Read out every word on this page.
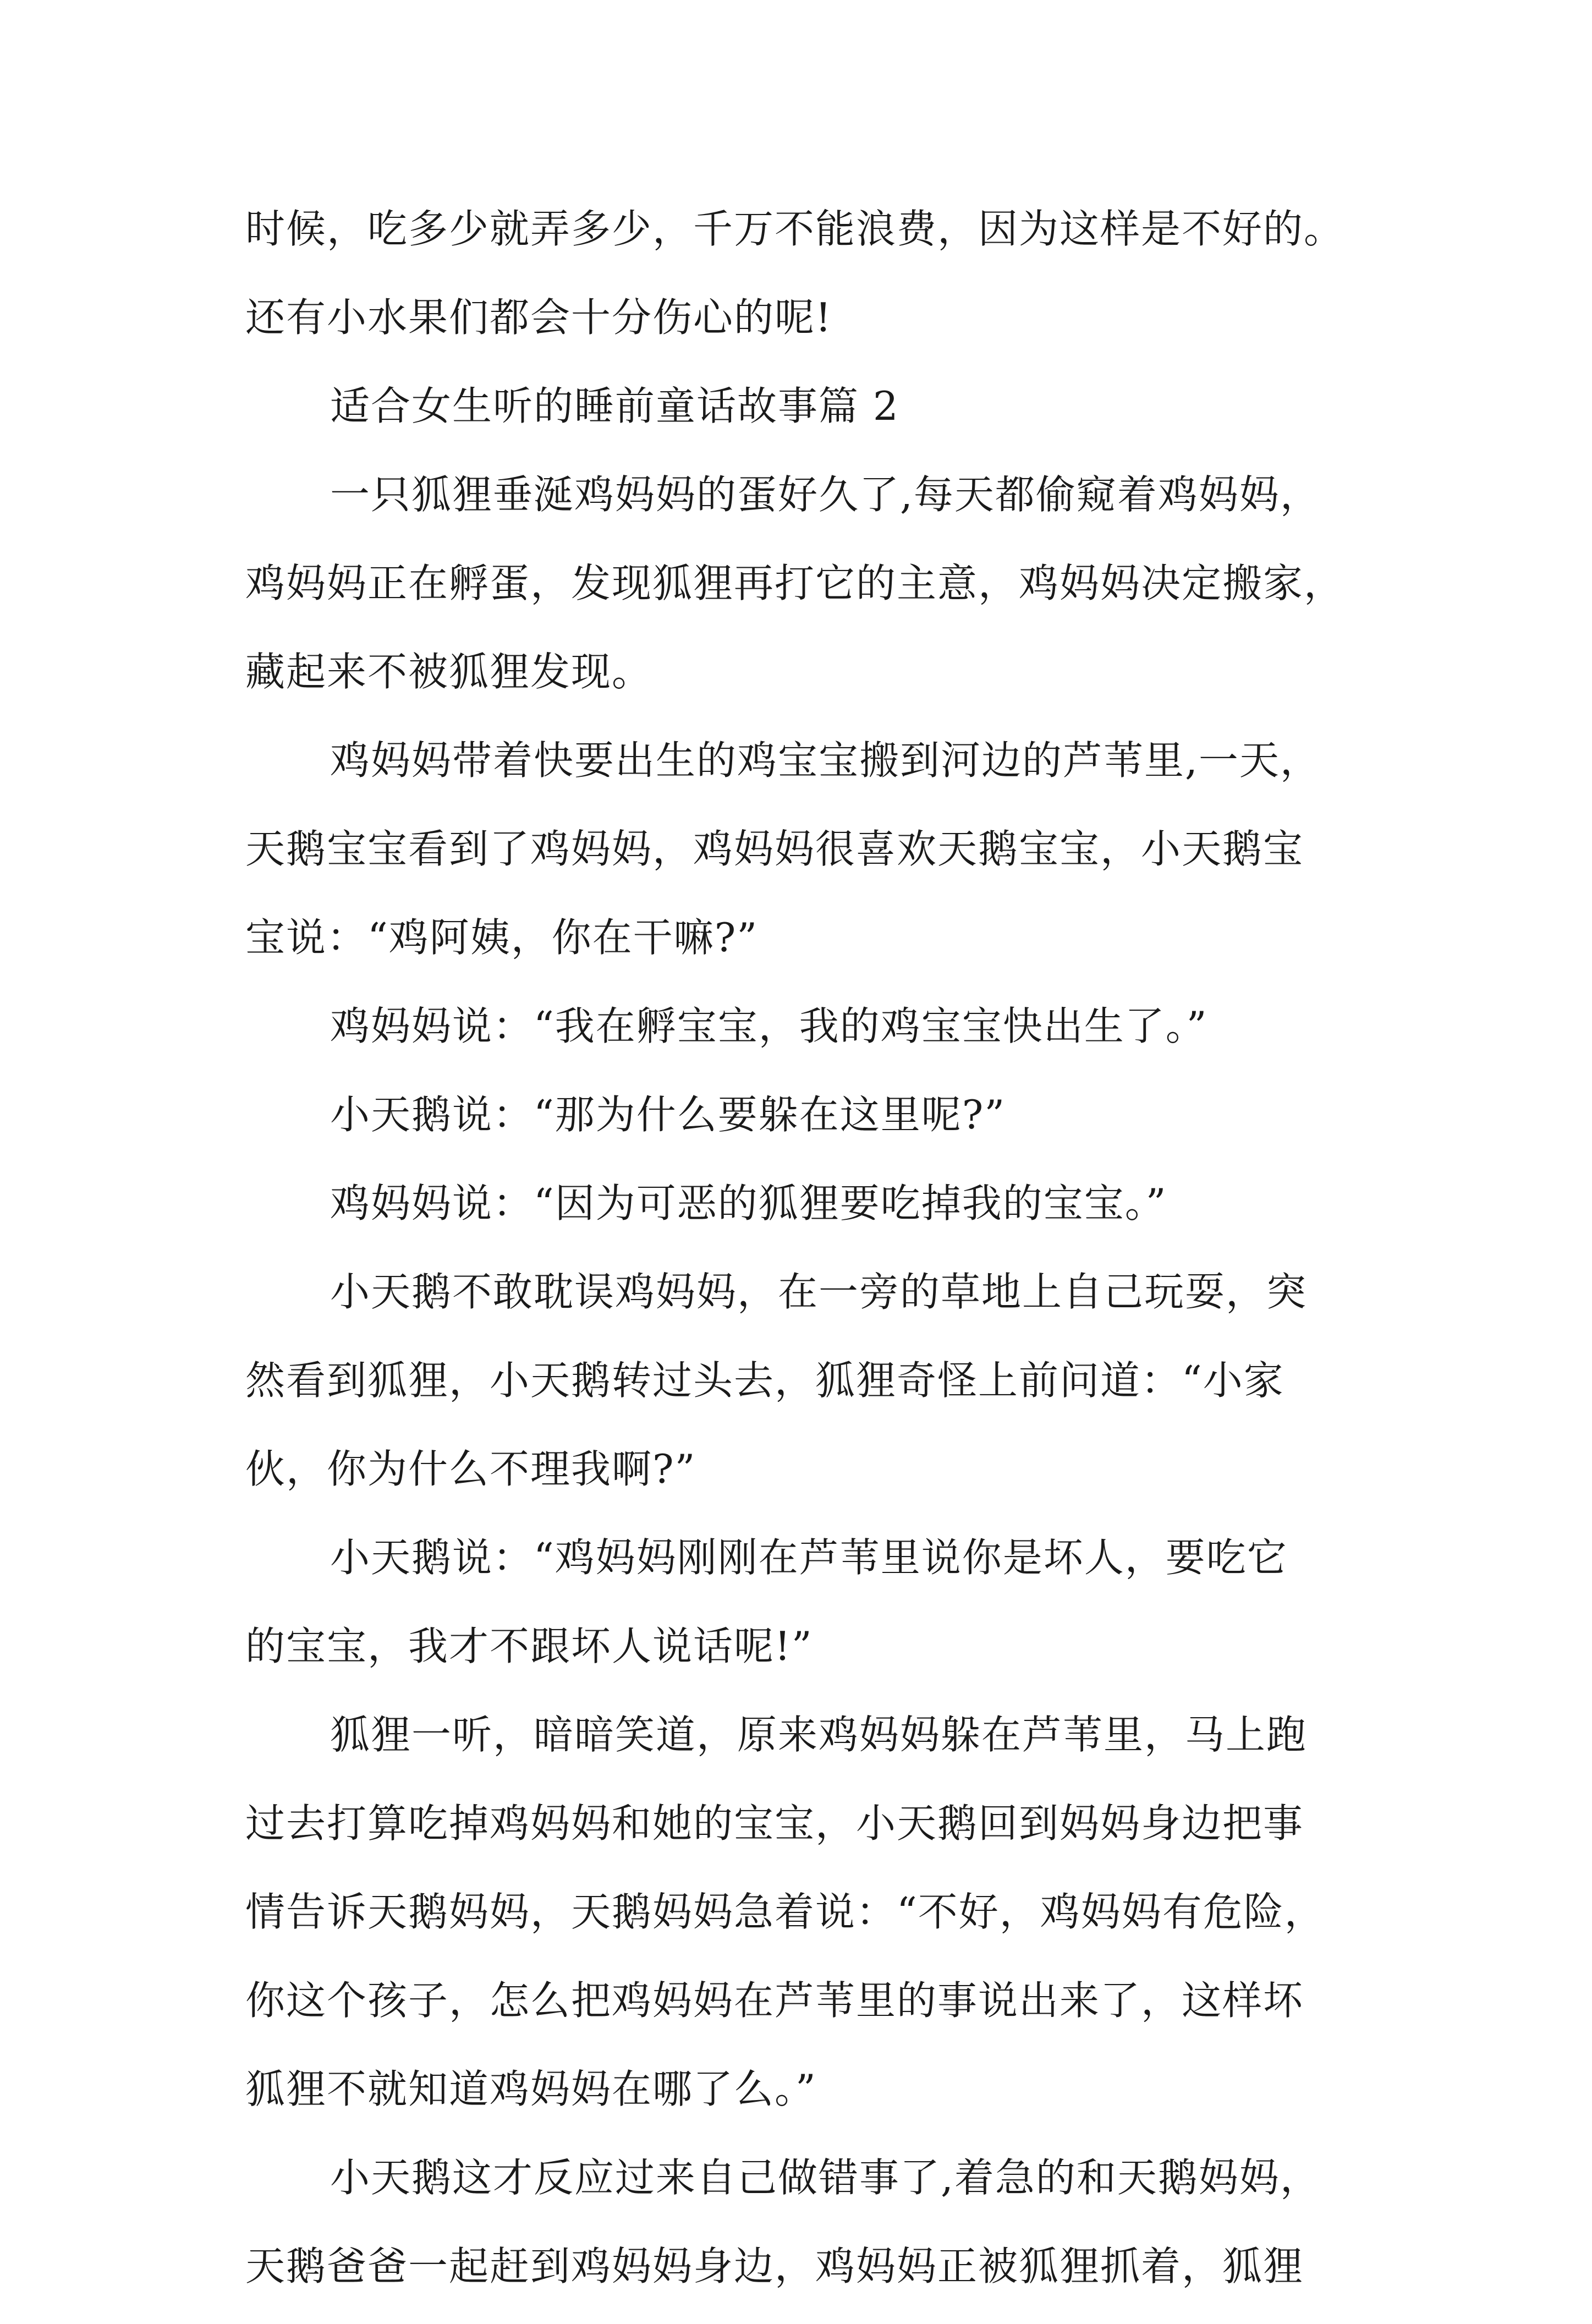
时候，吃多少就弄多少，千万不能浪费，因为这样是不好的。
还有小水果们都会十分伤心的呢!
适合女生听的睡前童话故事篇 2
一只狐狸垂涎鸡妈妈的蛋好久了,每天都偷窥着鸡妈妈，
鸡妈妈正在孵蛋，发现狐狸再打它的主意，鸡妈妈决定搬家，
藏起来不被狐狸发现。
鸡妈妈带着快要出生的鸡宝宝搬到河边的芦苇里,一天，
天鹅宝宝看到了鸡妈妈，鸡妈妈很喜欢天鹅宝宝，小天鹅宝
宝说：“鸡阿姨，你在干嘛?”
鸡妈妈说：“我在孵宝宝，我的鸡宝宝快出生了。”
小天鹅说：“那为什么要躲在这里呢?”
鸡妈妈说：“因为可恶的狐狸要吃掉我的宝宝。”
小天鹅不敢耽误鸡妈妈，在一旁的草地上自己玩耍，突
然看到狐狸，小天鹅转过头去，狐狸奇怪上前问道：“小家
伙，你为什么不理我啊?”
小天鹅说：“鸡妈妈刚刚在芦苇里说你是坏人，要吃它
的宝宝，我才不跟坏人说话呢!”
狐狸一听，暗暗笑道，原来鸡妈妈躲在芦苇里，马上跑
过去打算吃掉鸡妈妈和她的宝宝，小天鹅回到妈妈身边把事
情告诉天鹅妈妈，天鹅妈妈急着说：“不好，鸡妈妈有危险，
你这个孩子，怎么把鸡妈妈在芦苇里的事说出来了，这样坏
狐狸不就知道鸡妈妈在哪了么。”
小天鹅这才反应过来自己做错事了,着急的和天鹅妈妈，
天鹅爸爸一起赶到鸡妈妈身边，鸡妈妈正被狐狸抓着，狐狸
